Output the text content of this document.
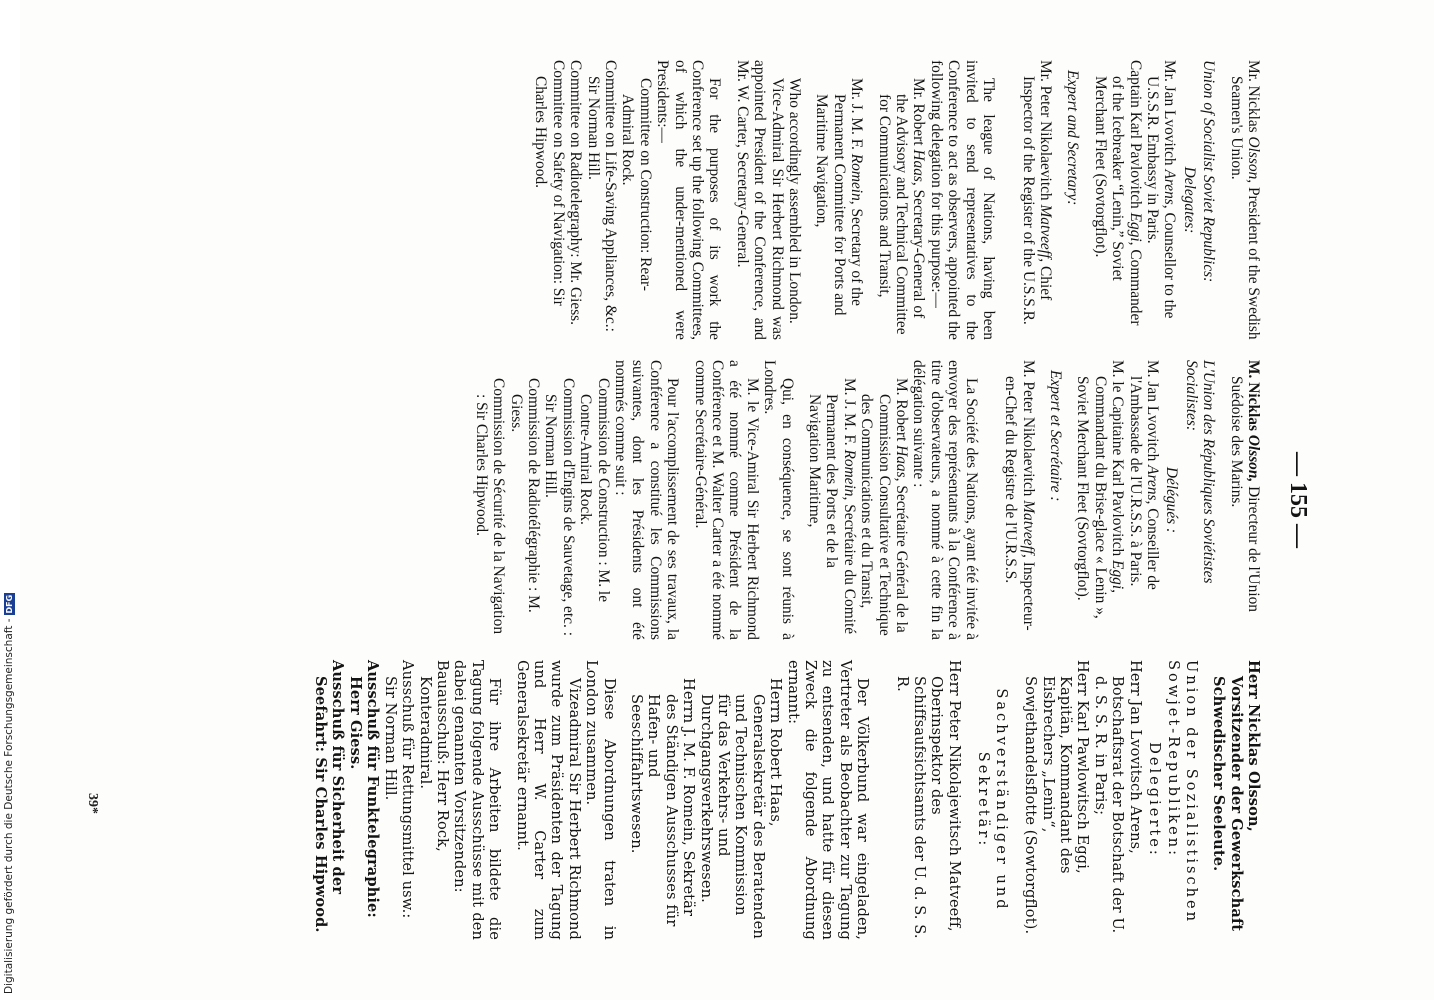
— 155 —

Mr. Nicklas Olsson, President of the Swedish Seamen's Union.

Union of Socialist Soviet Republics:

Delegates:

Mr. Jan Lvovitch Arens, Counsellor to the U.S.S.R. Embassy in Paris.

Captain Karl Pavlovitch Eggi, Commander of the Icebreaker “Lenin,” Soviet Merchant Fleet (Sovtorgflot).

Expert and Secretary:

Mr. Peter Nikolaevitch Matveeff, Chief Inspector of the Register of the U.S.S.R.

The league of Nations, having been invited to send representatives to the Conference to act as observers, appointed the following delegation for this purpose:—

Mr. Robert Haas, Secretary-General of the Advisory and Technical Committee for Communications and Transit,

Mr. J. M. F. Romein, Secretary of the Permanent Committee for Ports and Maritime Navigation,

Who accordingly assembled in London.

Vice-Admiral Sir Herbert Richmond was appointed President of the Conference, and Mr. W. Carter, Secretary-General.

For the purposes of its work the Conference set up the following Committees, of which the under-mentioned were Presidents:—

Committee on Construction: Rear-Admiral Rock.

Committee on Life-Saving Appliances, &c.: Sir Norman Hill.

Committee on Radiotelegraphy: Mr. Giess.

Committee on Safety of Navigation: Sir Charles Hipwood.

M. Nicklas Olsson, Directeur de l'Union Suédoise des Marins.

L'Union des Républiques Soviétistes Socialistes:

Délégués :

M. Jan Lvovitch Arens, Conseiller de l'Ambassade de l'U.R.S.S. à Paris.

M. le Capitaine Karl Pavlovitch Eggi, Commandant du Brise-glace « Lenin », Soviet Merchant Fleet (Sovtorgflot).

Expert et Secrétaire :

M. Peter Nikolaevitch Matveeff, Inspecteur-en-Chef du Registre de l'U.R.S.S.

La Société des Nations, ayant été invitée à envoyer des représentants à la Conférence à titre d'observateurs, a nommé à cette fin la délégation suivante :

M. Robert Haas, Secrétaire Général de la Commission Consultative et Technique des Communications et du Transit,

M. J. M. F. Romein, Secrétaire du Comité Permanent des Ports et de la Navigation Maritime,

Qui, en conséquence, se sont réunis à Londres.

M. le Vice-Amiral Sir Herbert Richmond a été nommé comme Président de la Conférence et M. Walter Carter a été nommé comme Secrétaire-Général.

Pour l'accomplissement de ses travaux, la Conférence a constitué les Commissions suivantes, dont les Présidents ont été nommés comme suit :

Commission de Construction : M. le Contre-Amiral Rock.

Commission d'Engins de Sauvetage, etc. : Sir Norman Hill.

Commission de Radiotélégraphie : M. Giess.

Commission de Sécurité de la Navigation : Sir Charles Hipwood.

Herr Nicklas Olsson, Vorsitzender der Gewerkschaft Schwedischer Seeleute.

Union der Sozialistischen Sowjet-Republiken:

Delegierte:

Herr Jan Lvovitsch Arens, Botschaftsrat der Botschaft der U. d. S. S. R. in Paris;

Herr Karl Pawlowitsch Eggi, Kapitän, Kommandant des Eisbrechers „Lenin“, Sowjethandelsflotte (Sowtorgflot).

Sachverständiger und Sekretär:

Herr Peter Nikolajewitsch Matveeff, Oberinspektor des Schiffsaufsichtsamts der U. d. S. S. R.

Der Völkerbund war eingeladen, Vertreter als Beobachter zur Tagung zu entsenden, und hatte für diesen Zweck die folgende Abordnung ernannt:

Herrn Robert Haas, Generalsekretär des Beratenden und Technischen Kommission für das Verkehrs- und Durchgangsverkehrswesen.

Herrn J. M. F. Romein, Sekretär des Ständigen Ausschusses für Hafen- und Seeschiffahrtswesen.

Diese Abordnungen traten in London zusammen.

Vizeadmiral Sir Herbert Richmond wurde zum Präsidenten der Tagung und Herr W. Carter zum Generalsekretär ernannt.

Für ihre Arbeiten bildete die Tagung folgende Ausschüsse mit den dabei genannten Vorsitzenden:

Bauausschuß: Herr Rock, Konteradmiral.

Ausschuß für Rettungsmittel usw.: Sir Norman Hill.

Ausschuß für Funktelegraphie: Herr Giess.

Ausschuß für Sicherheit der Seefahrt: Sir Charles Hipwood.

39*
Digitalisierung gefördert durch die Deutsche Forschungsgemeinschaft -DFG
